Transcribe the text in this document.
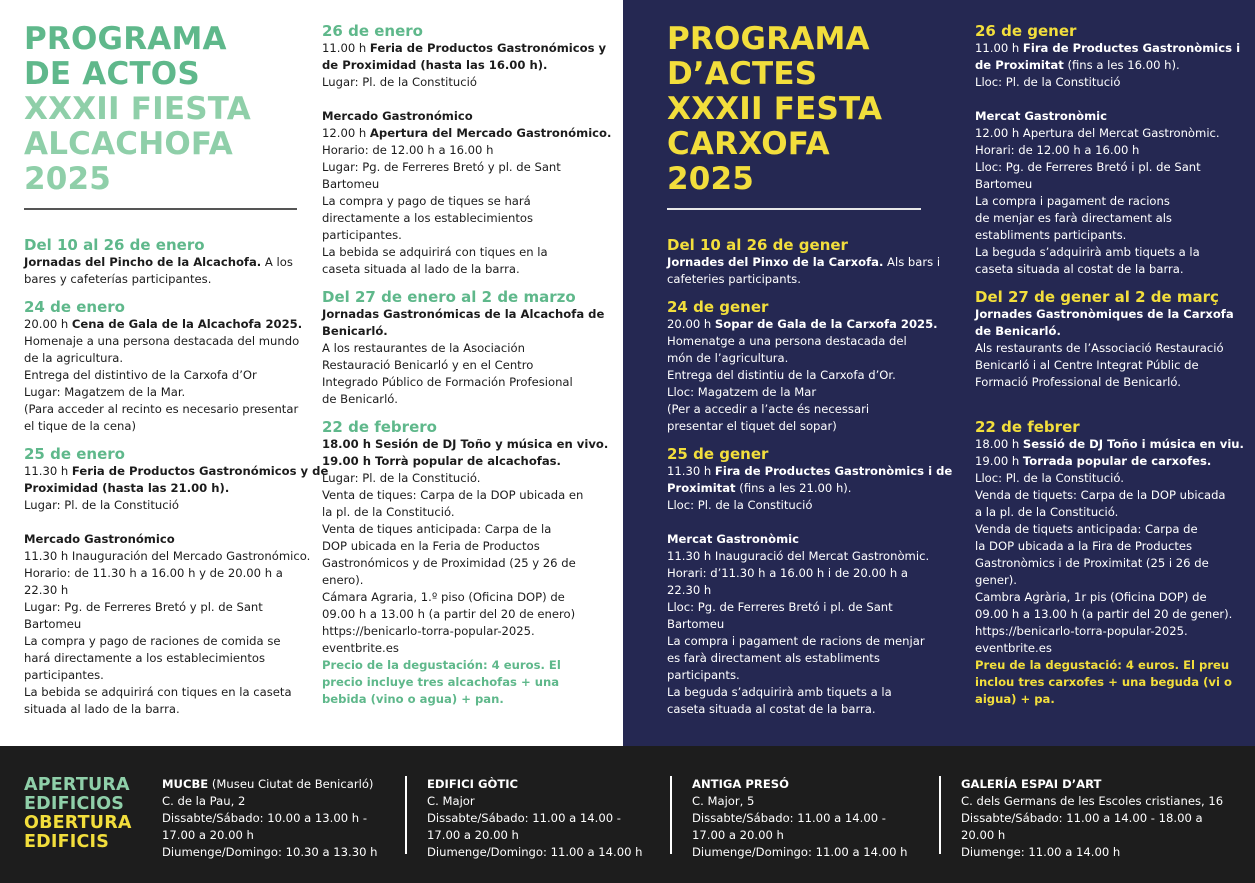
PROGRAMA
DE ACTOS
XXXII FIESTA
ALCACHOFA
2025
Del 10 al 26 de enero

Jornadas del Pincho de la Alcachofa. A los

bares y cafeterías participantes.

24 de enero

20.00 h Cena de Gala de la Alcachofa 2025.

Homenaje a una persona destacada del mundo

de la agricultura.

Entrega del distintivo de la Carxofa d’Or

Lugar: Magatzem de la Mar.

(Para acceder al recinto es necesario presentar

el tique de la cena)

25 de enero

11.30 h Feria de Productos Gastronómicos y de

Proximidad (hasta las 21.00 h).

Lugar: Pl. de la Constitució

Mercado Gastronómico

11.30 h Inauguración del Mercado Gastronómico.

Horario: de 11.30 h a 16.00 h y de 20.00 h a

22.30 h

Lugar: Pg. de Ferreres Bretó y pl. de Sant

Bartomeu

La compra y pago de raciones de comida se

hará directamente a los establecimientos

participantes.

La bebida se adquirirá con tiques en la caseta

situada al lado de la barra.

26 de enero

11.00 h Feria de Productos Gastronómicos y

de Proximidad (hasta las 16.00 h).

Lugar: Pl. de la Constitució

Mercado Gastronómico

12.00 h Apertura del Mercado Gastronómico.

Horario: de 12.00 h a 16.00 h

Lugar: Pg. de Ferreres Bretó y pl. de Sant

Bartomeu

La compra y pago de tiques se hará

directamente a los establecimientos

participantes.

La bebida se adquirirá con tiques en la

caseta situada al lado de la barra.

Del 27 de enero al 2 de marzo

Jornadas Gastronómicas de la Alcachofa de

Benicarló.

A los restaurantes de la Asociación

Restauració Benicarló y en el Centro

Integrado Público de Formación Profesional

de Benicarló.

22 de febrero

18.00 h Sesión de DJ Toño y música en vivo.

19.00 h Torrà popular de alcachofas.

Lugar: Pl. de la Constitució.

Venta de tiques: Carpa de la DOP ubicada en

la pl. de la Constitució.

Venta de tiques anticipada: Carpa de la

DOP ubicada en la Feria de Productos

Gastronómicos y de Proximidad (25 y 26 de

enero).

Cámara Agraria, 1.º piso (Oficina DOP) de

09.00 h a 13.00 h (a partir del 20 de enero)

https://benicarlo-torra-popular-2025.

eventbrite.es

Precio de la degustación: 4 euros. El

precio incluye tres alcachofas + una

bebida (vino o agua) + pan.

PROGRAMA
D’ACTES
XXXII FESTA
CARXOFA
2025
Del 10 al 26 de gener

Jornades del Pinxo de la Carxofa. Als bars i

cafeteries participants.

24 de gener

20.00 h Sopar de Gala de la Carxofa 2025.

Homenatge a una persona destacada del

món de l’agricultura.

Entrega del distintiu de la Carxofa d’Or.

Lloc: Magatzem de la Mar

(Per a accedir a l’acte és necessari

presentar el tiquet del sopar)

25 de gener

11.30 h Fira de Productes Gastronòmics i de

Proximitat (fins a les 21.00 h).

Lloc: Pl. de la Constitució

Mercat Gastronòmic

11.30 h Inauguració del Mercat Gastronòmic.

Horari: d’11.30 h a 16.00 h i de 20.00 h a

22.30 h

Lloc: Pg. de Ferreres Bretó i pl. de Sant

Bartomeu

La compra i pagament de racions de menjar

es farà directament als establiments

participants.

La beguda s’adquirirà amb tiquets a la

caseta situada al costat de la barra.

26 de gener

11.00 h Fira de Productes Gastronòmics i

de Proximitat (fins a les 16.00 h).

Lloc: Pl. de la Constitució

Mercat Gastronòmic

12.00 h Apertura del Mercat Gastronòmic.

Horari: de 12.00 h a 16.00 h

Lloc: Pg. de Ferreres Bretó i pl. de Sant

Bartomeu

La compra i pagament de racions

de menjar es farà directament als

establiments participants.

La beguda s’adquirirà amb tiquets a la

caseta situada al costat de la barra.

Del 27 de gener al 2 de març

Jornades Gastronòmiques de la Carxofa

de Benicarló.

Als restaurants de l’Associació Restauració

Benicarló i al Centre Integrat Públic de

Formació Professional de Benicarló.

22 de febrer

18.00 h Sessió de DJ Toño i música en viu.

19.00 h Torrada popular de carxofes.

Lloc: Pl. de la Constitució.

Venda de tiquets: Carpa de la DOP ubicada

a la pl. de la Constitució.

Venda de tiquets anticipada: Carpa de

la DOP ubicada a la Fira de Productes

Gastronòmics i de Proximitat (25 i 26 de

gener).

Cambra Agrària, 1r pis (Oficina DOP) de

09.00 h a 13.00 h (a partir del 20 de gener).

https://benicarlo-torra-popular-2025.

eventbrite.es

Preu de la degustació: 4 euros. El preu

inclou tres carxofes + una beguda (vi o

aigua) + pa.

APERTURA
EDIFICIOS
OBERTURA
EDIFICIS

MUCBE (Museu Ciutat de Benicarló)

C. de la Pau, 2

Dissabte/Sábado: 10.00 a 13.00 h -

17.00 a 20.00 h

Diumenge/Domingo: 10.30 a 13.30 h

EDIFICI GÒTIC

C. Major

Dissabte/Sábado: 11.00 a 14.00 -

17.00 a 20.00 h

Diumenge/Domingo: 11.00 a 14.00 h

ANTIGA PRESÓ

C. Major, 5

Dissabte/Sábado: 11.00 a 14.00 -

17.00 a 20.00 h

Diumenge/Domingo: 11.00 a 14.00 h

GALERÍA ESPAI D’ART

C. dels Germans de les Escoles cristianes, 16

Dissabte/Sábado: 11.00 a 14.00 - 18.00 a

20.00 h

Diumenge: 11.00 a 14.00 h
